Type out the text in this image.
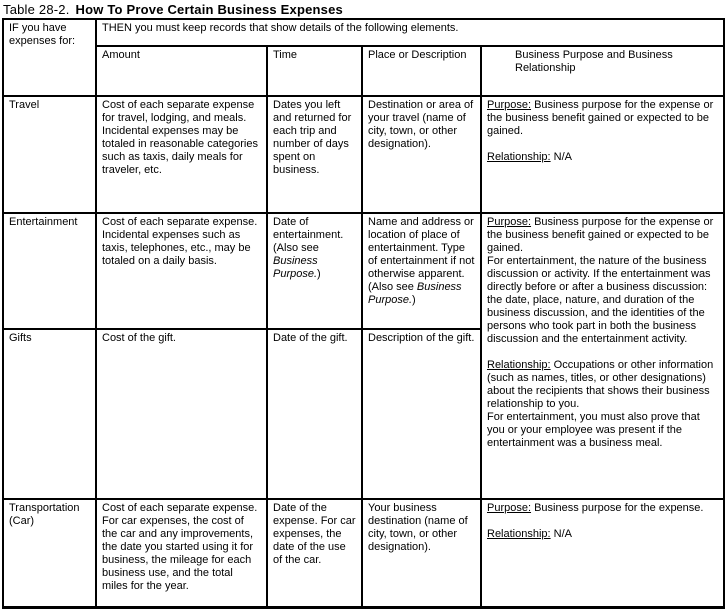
Table 28-2. How To Prove Certain Business Expenses
IF you have expenses for:	THEN you must keep records that show details of the following elements.			
	Amount	Time	Place or Description	Business Purpose and Business Relationship

Travel	Cost of each separate expense for travel, lodging, and meals. Incidental expenses may be totaled in reasonable categories such as taxis, daily meals for traveler, etc.	Dates you left and returned for each trip and number of days spent on business.	Destination or area of your travel (name of city, town, or other designation).	Purpose: Business purpose for the expense or the business benefit gained or expected to be gained.
Relationship: N/A

Entertainment	Cost of each separate expense. Incidental expenses such as taxis, telephones, etc., may be totaled on a daily basis.	Date of entertainment. (Also see Business Purpose.)	Name and address or location of place of entertainment. Type of entertainment if not otherwise apparent. (Also see Business Purpose.)	Purpose: Business purpose for the expense or the business benefit gained or expected to be gained.
For entertainment, the nature of the business discussion or activity. If the entertainment was directly before or after a business discussion: the date, place, nature, and duration of the business discussion, and the identities of the persons who took part in both the business discussion and the entertainment activity.
Relationship: Occupations or other information (such as names, titles, or other designations) about the recipients that shows their business relationship to you.
For entertainment, you must also prove that you or your employee was present if the entertainment was a business meal.

Gifts	Cost of the gift.	Date of the gift.	Description of the gift.	
Transportation (Car)	Cost of each separate expense. For car expenses, the cost of the car and any improvements, the date you started using it for business, the mileage for each business use, and the total miles for the year.	Date of the expense. For car expenses, the date of the use of the car.	Your business destination (name of city, town, or other designation).	Purpose: Business purpose for the expense.
Relationship: N/A
